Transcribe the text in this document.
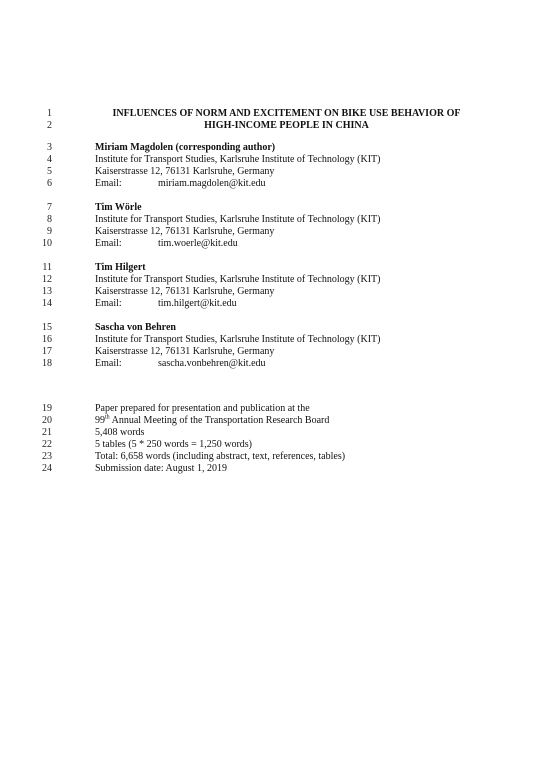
1	INFLUENCES OF NORM AND EXCITEMENT ON BIKE USE BEHAVIOR OF
2	HIGH-INCOME PEOPLE IN CHINA
3	Miriam Magdolen (corresponding author)
4	Institute for Transport Studies, Karlsruhe Institute of Technology (KIT)
5	Kaiserstrasse 12, 76131 Karlsruhe, Germany
6	Email:	miriam.magdolen@kit.edu
7	Tim Wörle
8	Institute for Transport Studies, Karlsruhe Institute of Technology (KIT)
9	Kaiserstrasse 12, 76131 Karlsruhe, Germany
10	Email:	tim.woerle@kit.edu
11	Tim Hilgert
12	Institute for Transport Studies, Karlsruhe Institute of Technology (KIT)
13	Kaiserstrasse 12, 76131 Karlsruhe, Germany
14	Email:	tim.hilgert@kit.edu
15	Sascha von Behren
16	Institute for Transport Studies, Karlsruhe Institute of Technology (KIT)
17	Kaiserstrasse 12, 76131 Karlsruhe, Germany
18	Email:	sascha.vonbehren@kit.edu
19	Paper prepared for presentation and publication at the
20	99th Annual Meeting of the Transportation Research Board
21	5,408 words
22	5 tables (5 * 250 words = 1,250 words)
23	Total: 6,658 words (including abstract, text, references, tables)
24	Submission date: August 1, 2019
